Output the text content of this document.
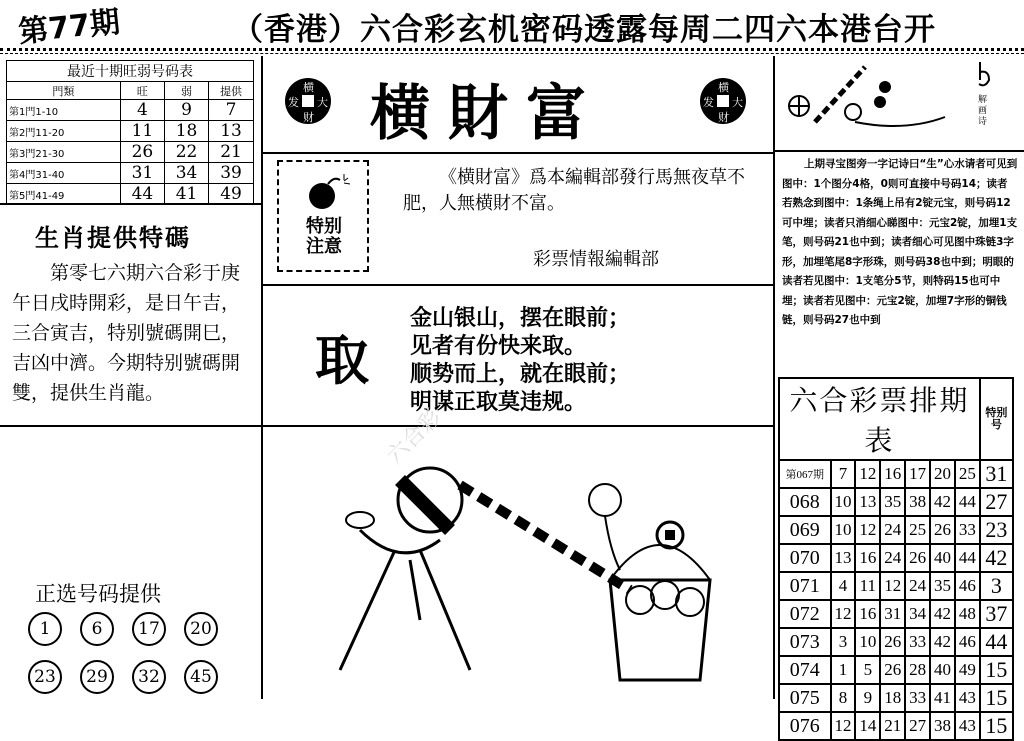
第77期	（香港）六合彩玄机密码透露每周二四六本港台开
最近十期旺弱号码表			
門類	旺	弱	提供
第1門1-10	4	9	7
第2門11-20	11	18	13
第3門21-30	26	22	21
第4門31-40	31	34	39
第5門41-49	44	41	49
生肖提供特碼
第零七六期六合彩于庚午日戌時開彩，是日午吉，三合寅吉，特别號碼開巳，吉凶中濟。今期特别號碼開雙，提供生肖龍。
正选号码提供
1	6	17	20
23	29	32	45
横
发 大
财 横財富	横
发 大
财
特别注意
《横財富》爲本編輯部發行馬無夜草不肥，人無横財不富。
彩票情報編輯部
取
金山银山，摆在眼前；
见者有份快来取。
顺势而上，就在眼前；
明谋正取莫违规。
六合彩
解画诗
上期寻宝图旁一字记诗曰“生”心水请者可见到图中：1个图分4格，0则可直接中号码14；读者若熟念到图中：1条绳上吊有2锭元宝，则号码12可中埋；读者只消细心睇图中：元宝2锭，加埋1支笔，则号码21也中到；读者细心可见图中珠链3字形，加埋笔尾8字形珠，则号码38也中到；明眼的读者若见图中：1支笔分5节，则特码15也可中埋；读者若见图中：元宝2锭，加埋7字形的铜钱链，则号码27也中到
六合彩票排期表							特别号
第067期	7	12	16	17	20	25	31
068	10	13	35	38	42	44	27
069	10	12	24	25	26	33	23
070	13	16	24	26	40	44	42
071	4	11	12	24	35	46	3
072	12	16	31	34	42	48	37
073	3	10	26	33	42	46	44
074	1	5	26	28	40	49	15
075	8	9	18	33	41	43	15
076	12	14	21	27	38	43	15
